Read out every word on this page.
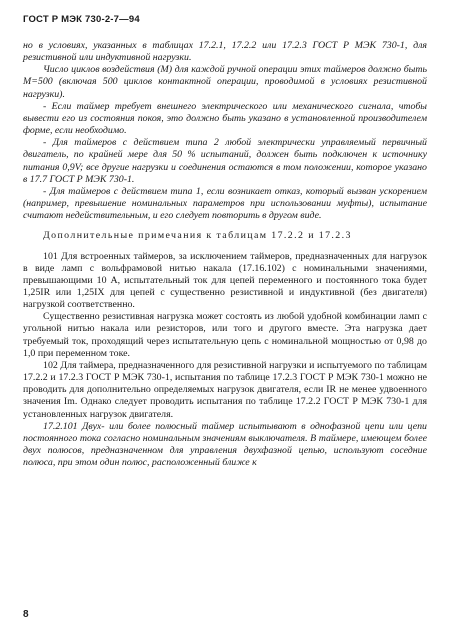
ГОСТ Р МЭК 730-2-7—94

но в условиях, указанных в таблицах 17.2.1, 17.2.2 или 17.2.3 ГОСТ Р МЭК 730-1, для резистивной или индуктивной нагрузки.

Число циклов воздействия (М) для каждой ручной операции этих таймеров должно быть М=500 (включая 500 циклов контактной операции, проводимой в условиях резистивной нагрузки).

- Если таймер требует внешнего электрического или механического сигнала, чтобы вывести его из состояния покоя, это должно быть указано в установленной производителем форме, если необходимо.

- Для таймеров с действием типа 2 любой электрически управляемый первичный двигатель, по крайней мере для 50 % испытаний, должен быть подключен к источнику питания 0,9V; все другие нагрузки и соединения остаются в том положении, которое указано в 17.7 ГОСТ Р МЭК 730-1.

- Для таймеров с действием типа 1, если возникает отказ, который вызван ускорением (например, превышение номинальных параметров при использовании муфты), испытание считают недействительным, и его следует повторить в другом виде.

Дополнительные примечания к таблицам 17.2.2 и 17.2.3

101 Для встроенных таймеров, за исключением таймеров, предназначенных для нагрузок в виде ламп с вольфрамовой нитью накала (17.16.102) с номинальными значениями, превышающими 10 А, испытательный ток для цепей переменного и постоянного тока будет 1,25IR или 1,25IX для цепей с существенно резистивной и индуктивной (без двигателя) нагрузкой соответственно.

Существенно резистивная нагрузка может состоять из любой удобной комбинации ламп с угольной нитью накала или резисторов, или того и другого вместе. Эта нагрузка дает требуемый ток, проходящий через испытательную цепь с номинальной мощностью от 0,98 до 1,0 при переменном токе.

102 Для таймера, предназначенного для резистивной нагрузки и испытуемого по таблицам 17.2.2 и 17.2.3 ГОСТ Р МЭК 730-1, испытания по таблице 17.2.3 ГОСТ Р МЭК 730-1 можно не проводить для дополнительно определяемых нагрузок двигателя, если IR не менее удвоенного значения Im. Однако следует проводить испытания по таблице 17.2.2 ГОСТ Р МЭК 730-1 для установленных нагрузок двигателя.

17.2.101 Двух- или более полюсный таймер испытывают в однофазной цепи или цепи постоянного тока согласно номинальным значениям выключателя. В таймере, имеющем более двух полюсов, предназначенном для управления двухфазной цепью, используют соседние полюса, при этом один полюс, расположенный ближе к

8
